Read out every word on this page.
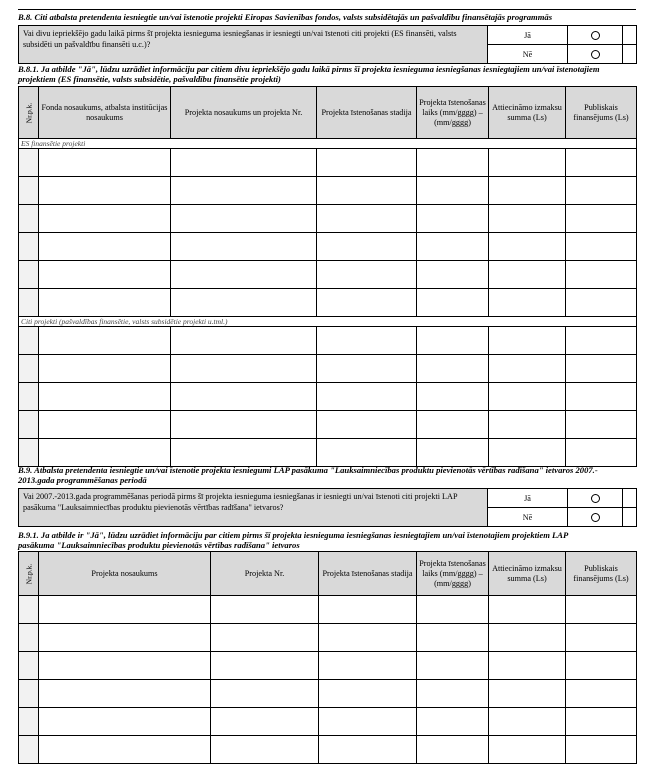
B.8. Citi atbalsta pretendenta iesniegtie un/vai īstenotie projekti Eiropas Savienības fondos, valsts subsidētajās un pašvaldību finansētajās programmās
Vai divu iepriekšējo gadu laikā pirms šī projekta iesnieguma iesniegšanas ir iesniegti un/vai īstenoti citi projekti (ES finansēti, valsts subsidēti un pašvaldību finansēti u.c.)?	Jā		
	Nē		
B.8.1. Ja atbilde "Jā", lūdzu uzrādiet informāciju par citiem divu iepriekšējo gadu laikā pirms šī projekta iesnieguma iesniegšanas iesniegtajiem un/vai īstenotajiem
projektiem (ES finansētie, valsts subsidētie, pašvaldību finansētie projekti)
Nr.p.k.	Fonda nosaukums, atbalsta institūcijas nosaukums	Projekta nosaukums un projekta Nr.	Projekta īstenošanas stadija	Projekta īstenošanas laiks (mm/gggg) – (mm/gggg)	Attiecināmo izmaksu summa (Ls)	Publiskais finansējums (Ls)
ES finansētie projekti						

Citi projekti (pašvaldības finansētie, valsts subsidētie projekti u.tml.)						

B.9. Atbalsta pretendenta iesniegtie un/vai īstenotie projekta iesniegumi LAP pasākuma "Lauksaimniecības produktu pievienotās vērtības radīšana" ietvaros 2007.-
2013.gada programmēšanas periodā
Vai 2007.-2013.gada programmēšanas periodā pirms šī projekta iesnieguma iesniegšanas ir iesniegti un/vai īstenoti citi projekti LAP pasākuma "Lauksaimniecības produktu pievienotās vērtības radīšana" ietvaros?	Jā		
	Nē		
B.9.1. Ja atbilde ir "Jā", lūdzu uzrādiet informāciju par citiem pirms šī projekta iesnieguma iesniegšanas iesniegtajiem un/vai īstenotajiem projektiem LAP
pasākuma "Lauksaimniecības produktu pievienotās vērtības radīšana" ietvaros
Nr.p.k.	Projekta nosaukums	Projekta Nr.	Projekta īstenošanas stadija	Projekta īstenošanas laiks (mm/gggg) – (mm/gggg)	Attiecināmo izmaksu summa (Ls)	Publiskais finansējums (Ls)
